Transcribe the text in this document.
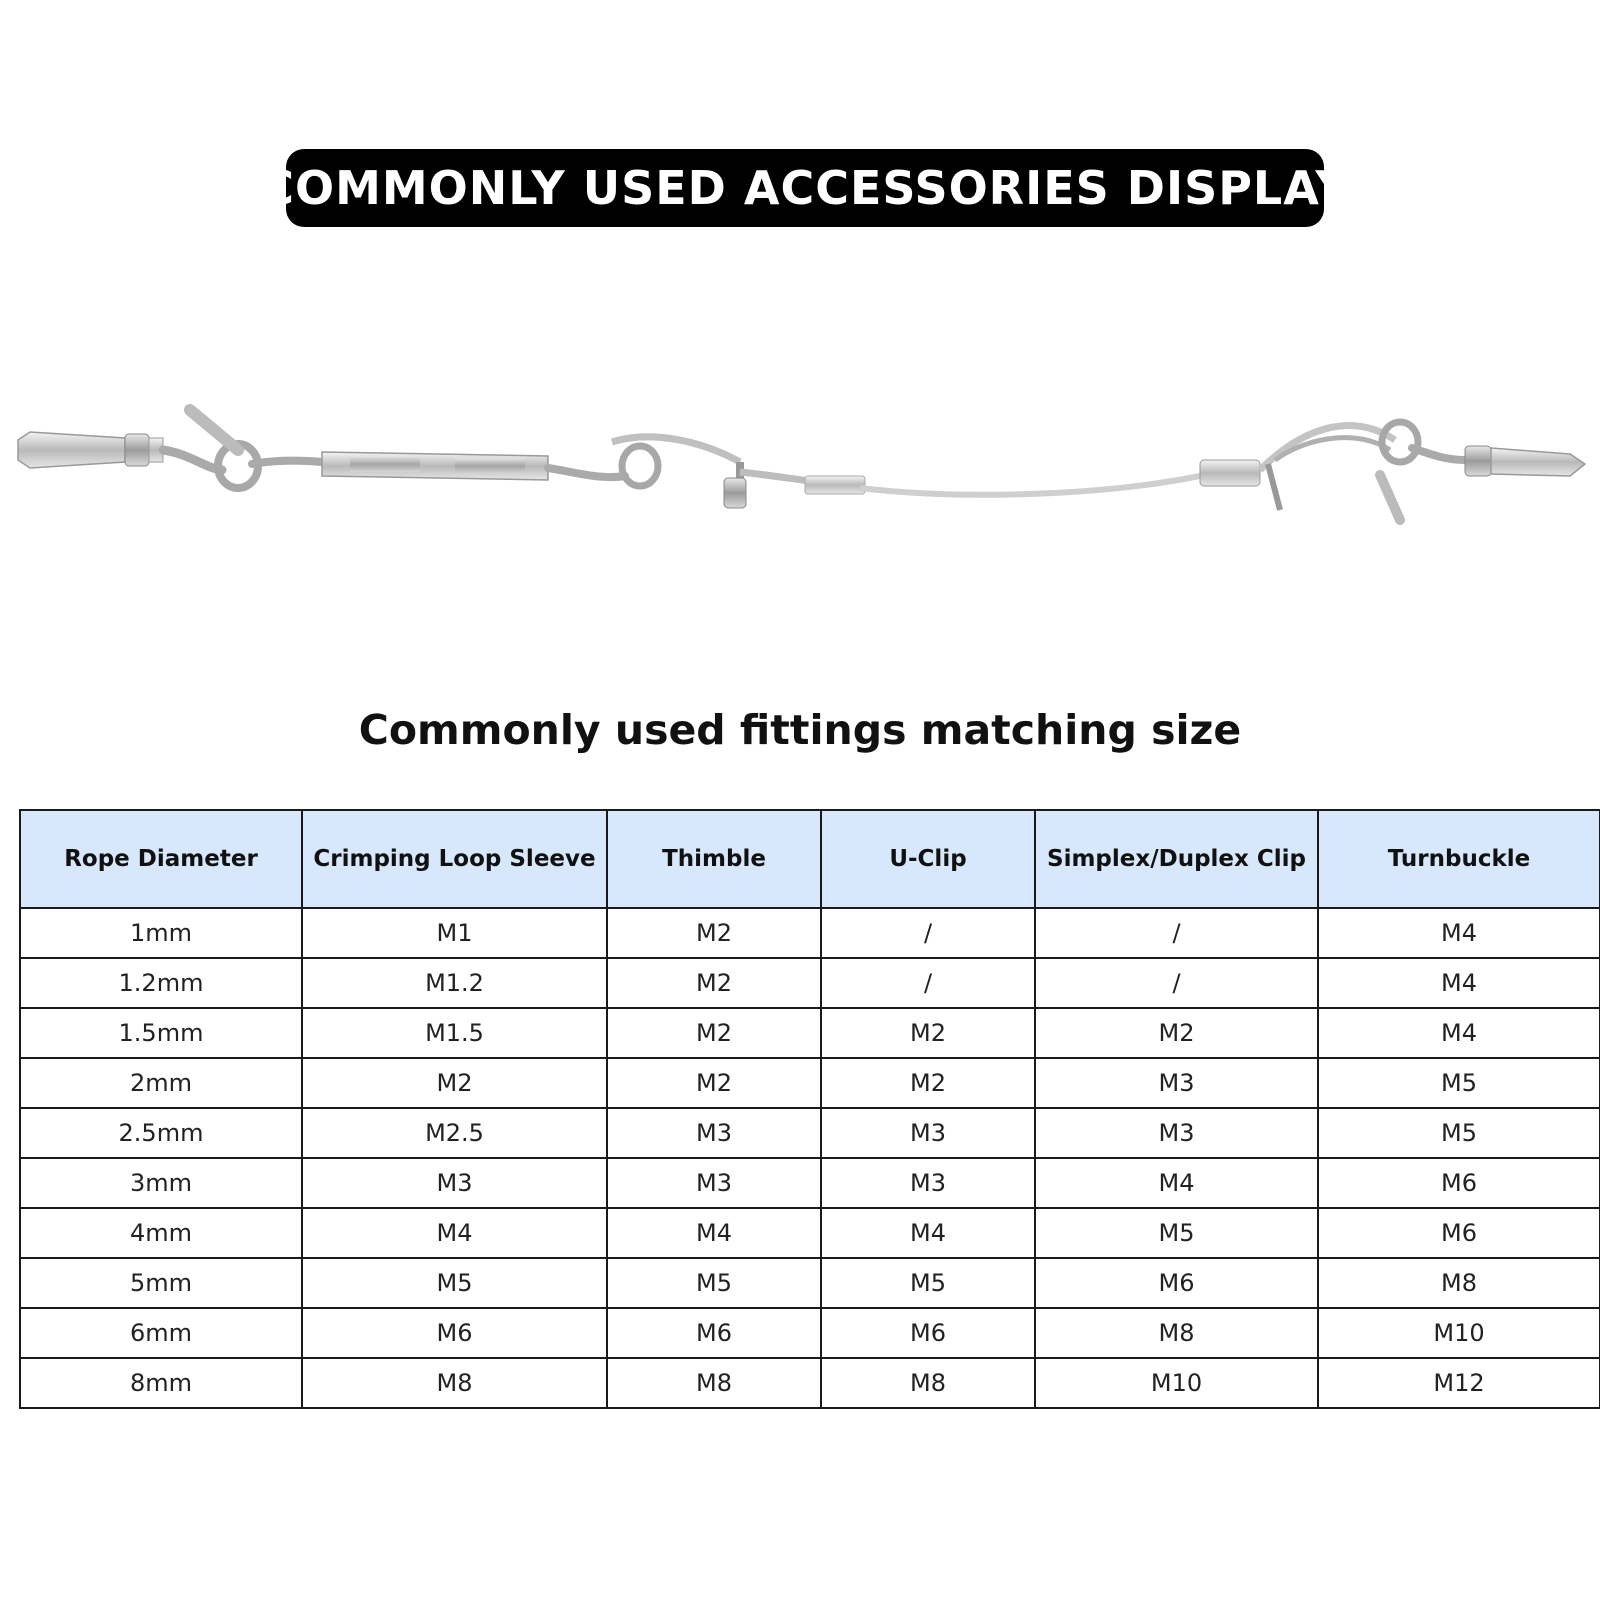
COMMONLY USED ACCESSORIES DISPLAY
Commonly used fittings matching size
Rope Diameter	Crimping Loop Sleeve	Thimble	U-Clip	Simplex/Duplex Clip	Turnbuckle
1mm	M1	M2	/	/	M4
1.2mm	M1.2	M2	/	/	M4
1.5mm	M1.5	M2	M2	M2	M4
2mm	M2	M2	M2	M3	M5
2.5mm	M2.5	M3	M3	M3	M5
3mm	M3	M3	M3	M4	M6
4mm	M4	M4	M4	M5	M6
5mm	M5	M5	M5	M6	M8
6mm	M6	M6	M6	M8	M10
8mm	M8	M8	M8	M10	M12
